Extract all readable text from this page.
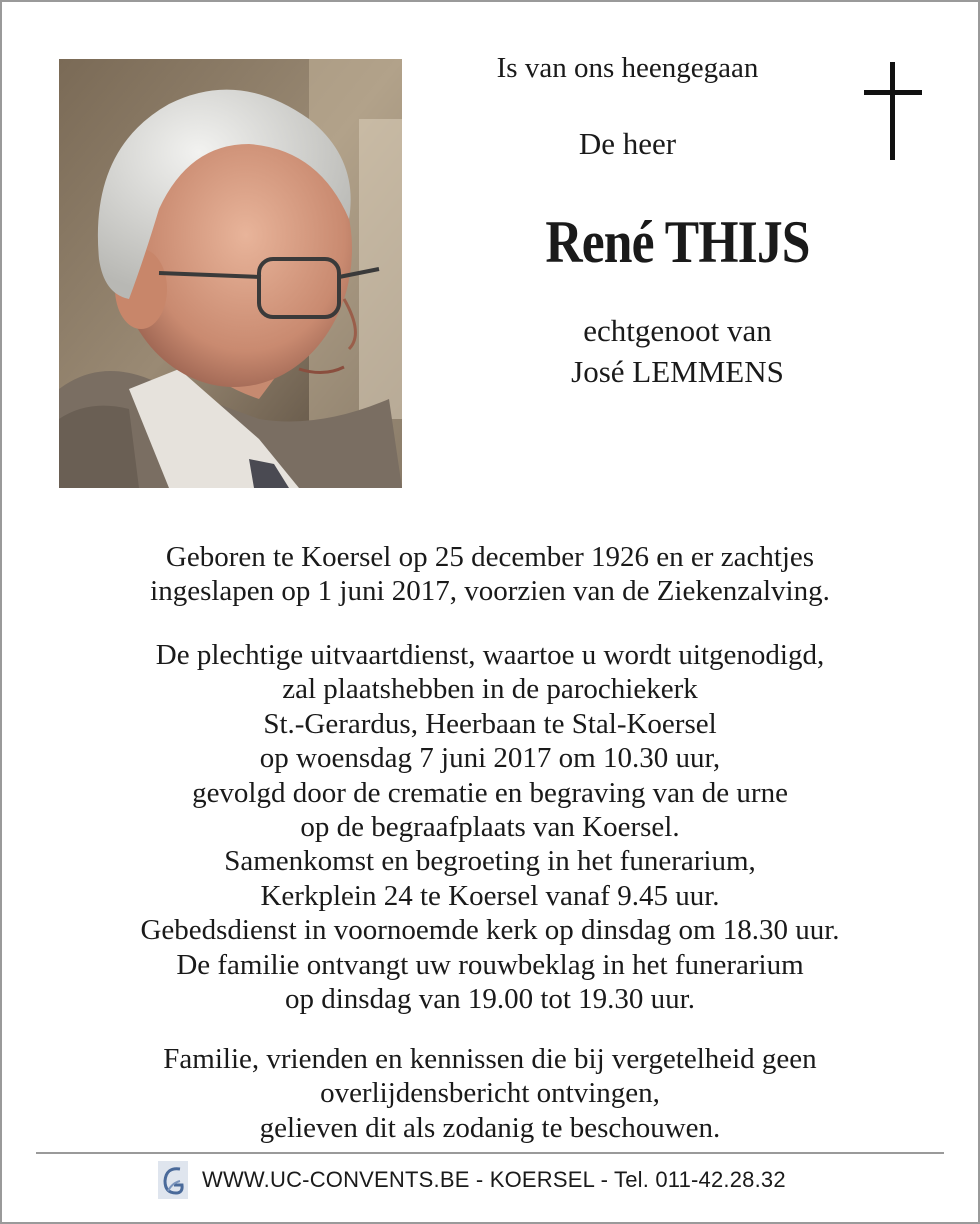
Is van ons heengegaan
De heer
René THIJS
echtgenoot van
José LEMMENS
Geboren te Koersel op 25 december 1926 en er zachtjes
ingeslapen op 1 juni 2017, voorzien van de Ziekenzalving.
De plechtige uitvaartdienst, waartoe u wordt uitgenodigd,
zal plaatshebben in de parochiekerk
St.-Gerardus, Heerbaan te Stal-Koersel
op woensdag 7 juni 2017 om 10.30 uur,
gevolgd door de crematie en begraving van de urne
op de begraafplaats van Koersel.
Samenkomst en begroeting in het funerarium,
Kerkplein 24 te Koersel vanaf 9.45 uur.
Gebedsdienst in voornoemde kerk op dinsdag om 18.30 uur.
De familie ontvangt uw rouwbeklag in het funerarium
op dinsdag van 19.00 tot 19.30 uur.
Familie, vrienden en kennissen die bij vergetelheid geen
overlijdensbericht ontvingen,
gelieven dit als zodanig te beschouwen.
WWW.UC-CONVENTS.BE - KOERSEL - Tel. 011-42.28.32
